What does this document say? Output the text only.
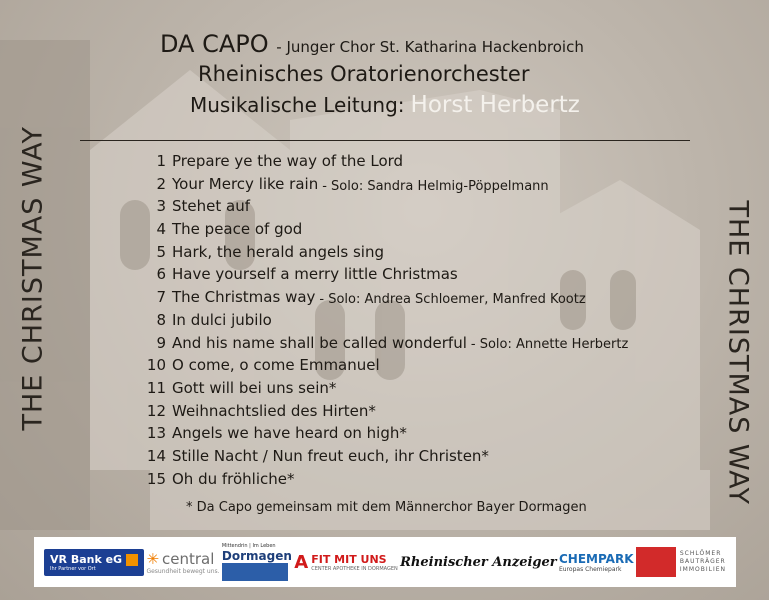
DA CAPO - Junger Chor St. Katharina Hackenbroich
Rheinisches Oratorienorchester
Musikalische Leitung: Horst Herbertz
THE CHRISTMAS WAY	THE CHRISTMAS WAY
1 Prepare ye the way of the Lord
2 Your Mercy like rain - Solo: Sandra Helmig-Pöppelmann
3 Stehet auf
4 The peace of god
5 Hark, the herald angels sing
6 Have yourself a merry little Christmas
7 The Christmas way - Solo: Andrea Schloemer, Manfred Kootz
8 In dulci jubilo
9 And his name shall be called wonderful - Solo: Annette Herbertz
10 O come, o come Emmanuel
11 Gott will bei uns sein*
12 Weihnachtslied des Hirten*
13 Angels we have heard on high*
14 Stille Nacht / Nun freut euch, ihr Christen*
15 Oh du fröhliche*
* Da Capo gemeinsam mit dem Männerchor Bayer Dormagen
VR Bank eG
Ihr Partner vor Ort
✳ central
Gesundheit bewegt uns.
Mittendrin | Im Leben
Dormagen A FIT MIT UNS
CENTER APOTHEKE IN DORMAGEN Rheinischer Anzeiger CHEMPARK
Europas Chemiepark
SCHLÖMER
BAUTRÄGER
IMMOBILIEN
